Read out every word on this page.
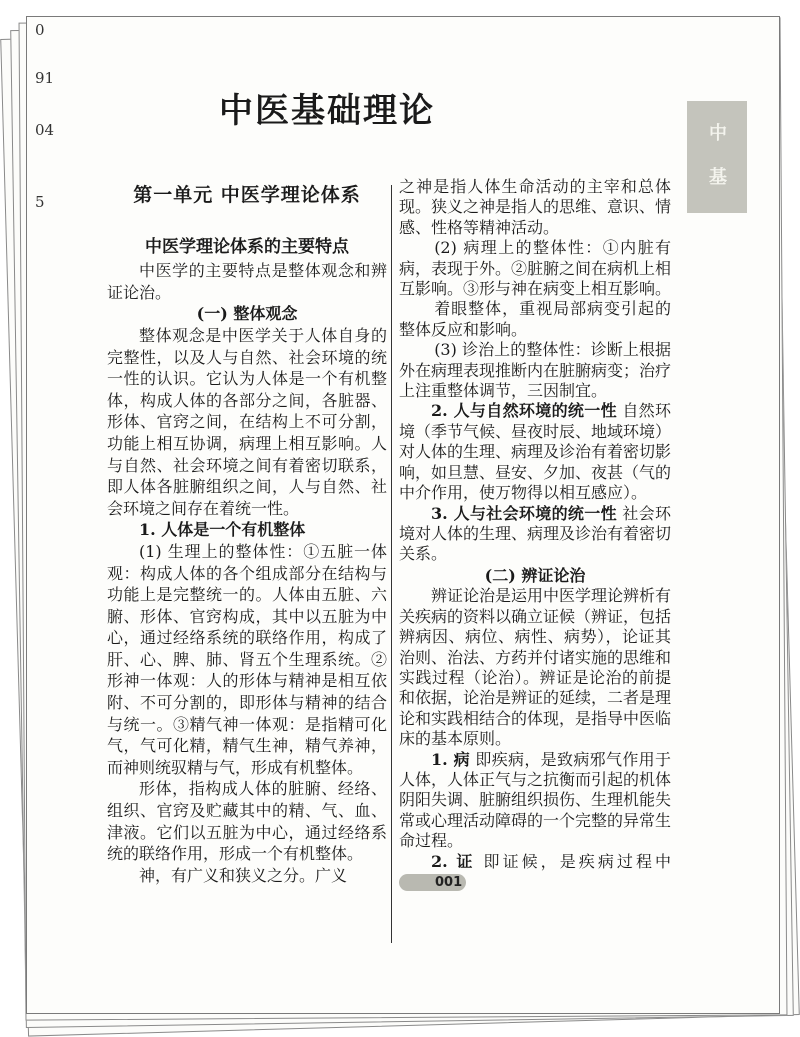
0
91
04
5
中医基础理论
中
基
第一单元 中医学理论体系
中医学理论体系的主要特点

中医学的主要特点是整体观念和辨证论治。

(一) 整体观念

整体观念是中医学关于人体自身的完整性，以及人与自然、社会环境的统一性的认识。它认为人体是一个有机整体，构成人体的各部分之间，各脏器、形体、官窍之间，在结构上不可分割，功能上相互协调，病理上相互影响。人与自然、社会环境之间有着密切联系，即人体各脏腑组织之间，人与自然、社会环境之间存在着统一性。

1. 人体是一个有机整体

(1) 生理上的整体性：①五脏一体观：构成人体的各个组成部分在结构与功能上是完整统一的。人体由五脏、六腑、形体、官窍构成，其中以五脏为中心，通过经络系统的联络作用，构成了肝、心、脾、肺、肾五个生理系统。②形神一体观：人的形体与精神是相互依附、不可分割的，即形体与精神的结合与统一。③精气神一体观：是指精可化气，气可化精，精气生神，精气养神，而神则统驭精与气，形成有机整体。

形体，指构成人体的脏腑、经络、组织、官窍及贮藏其中的精、气、血、津液。它们以五脏为中心，通过经络系统的联络作用，形成一个有机整体。

神，有广义和狭义之分。广义

之神是指人体生命活动的主宰和总体现。狭义之神是指人的思维、意识、情感、性格等精神活动。

(2) 病理上的整体性：①内脏有病，表现于外。②脏腑之间在病机上相互影响。③形与神在病变上相互影响。

着眼整体，重视局部病变引起的整体反应和影响。

(3) 诊治上的整体性：诊断上根据外在病理表现推断内在脏腑病变；治疗上注重整体调节，三因制宜。

2. 人与自然环境的统一性 自然环境（季节气候、昼夜时辰、地域环境）对人体的生理、病理及诊治有着密切影响，如旦慧、昼安、夕加、夜甚（气的中介作用，使万物得以相互感应）。

3. 人与社会环境的统一性 社会环境对人体的生理、病理及诊治有着密切关系。

(二) 辨证论治

辨证论治是运用中医学理论辨析有关疾病的资料以确立证候（辨证，包括辨病因、病位、病性、病势），论证其治则、治法、方药并付诸实施的思维和实践过程（论治）。辨证是论治的前提和依据，论治是辨证的延续，二者是理论和实践相结合的体现，是指导中医临床的基本原则。

1. 病 即疾病，是致病邪气作用于人体，人体正气与之抗衡而引起的机体阴阳失调、脏腑组织损伤、生理机能失常或心理活动障碍的一个完整的异常生命过程。

2. 证 即证候，是疾病过程中001
